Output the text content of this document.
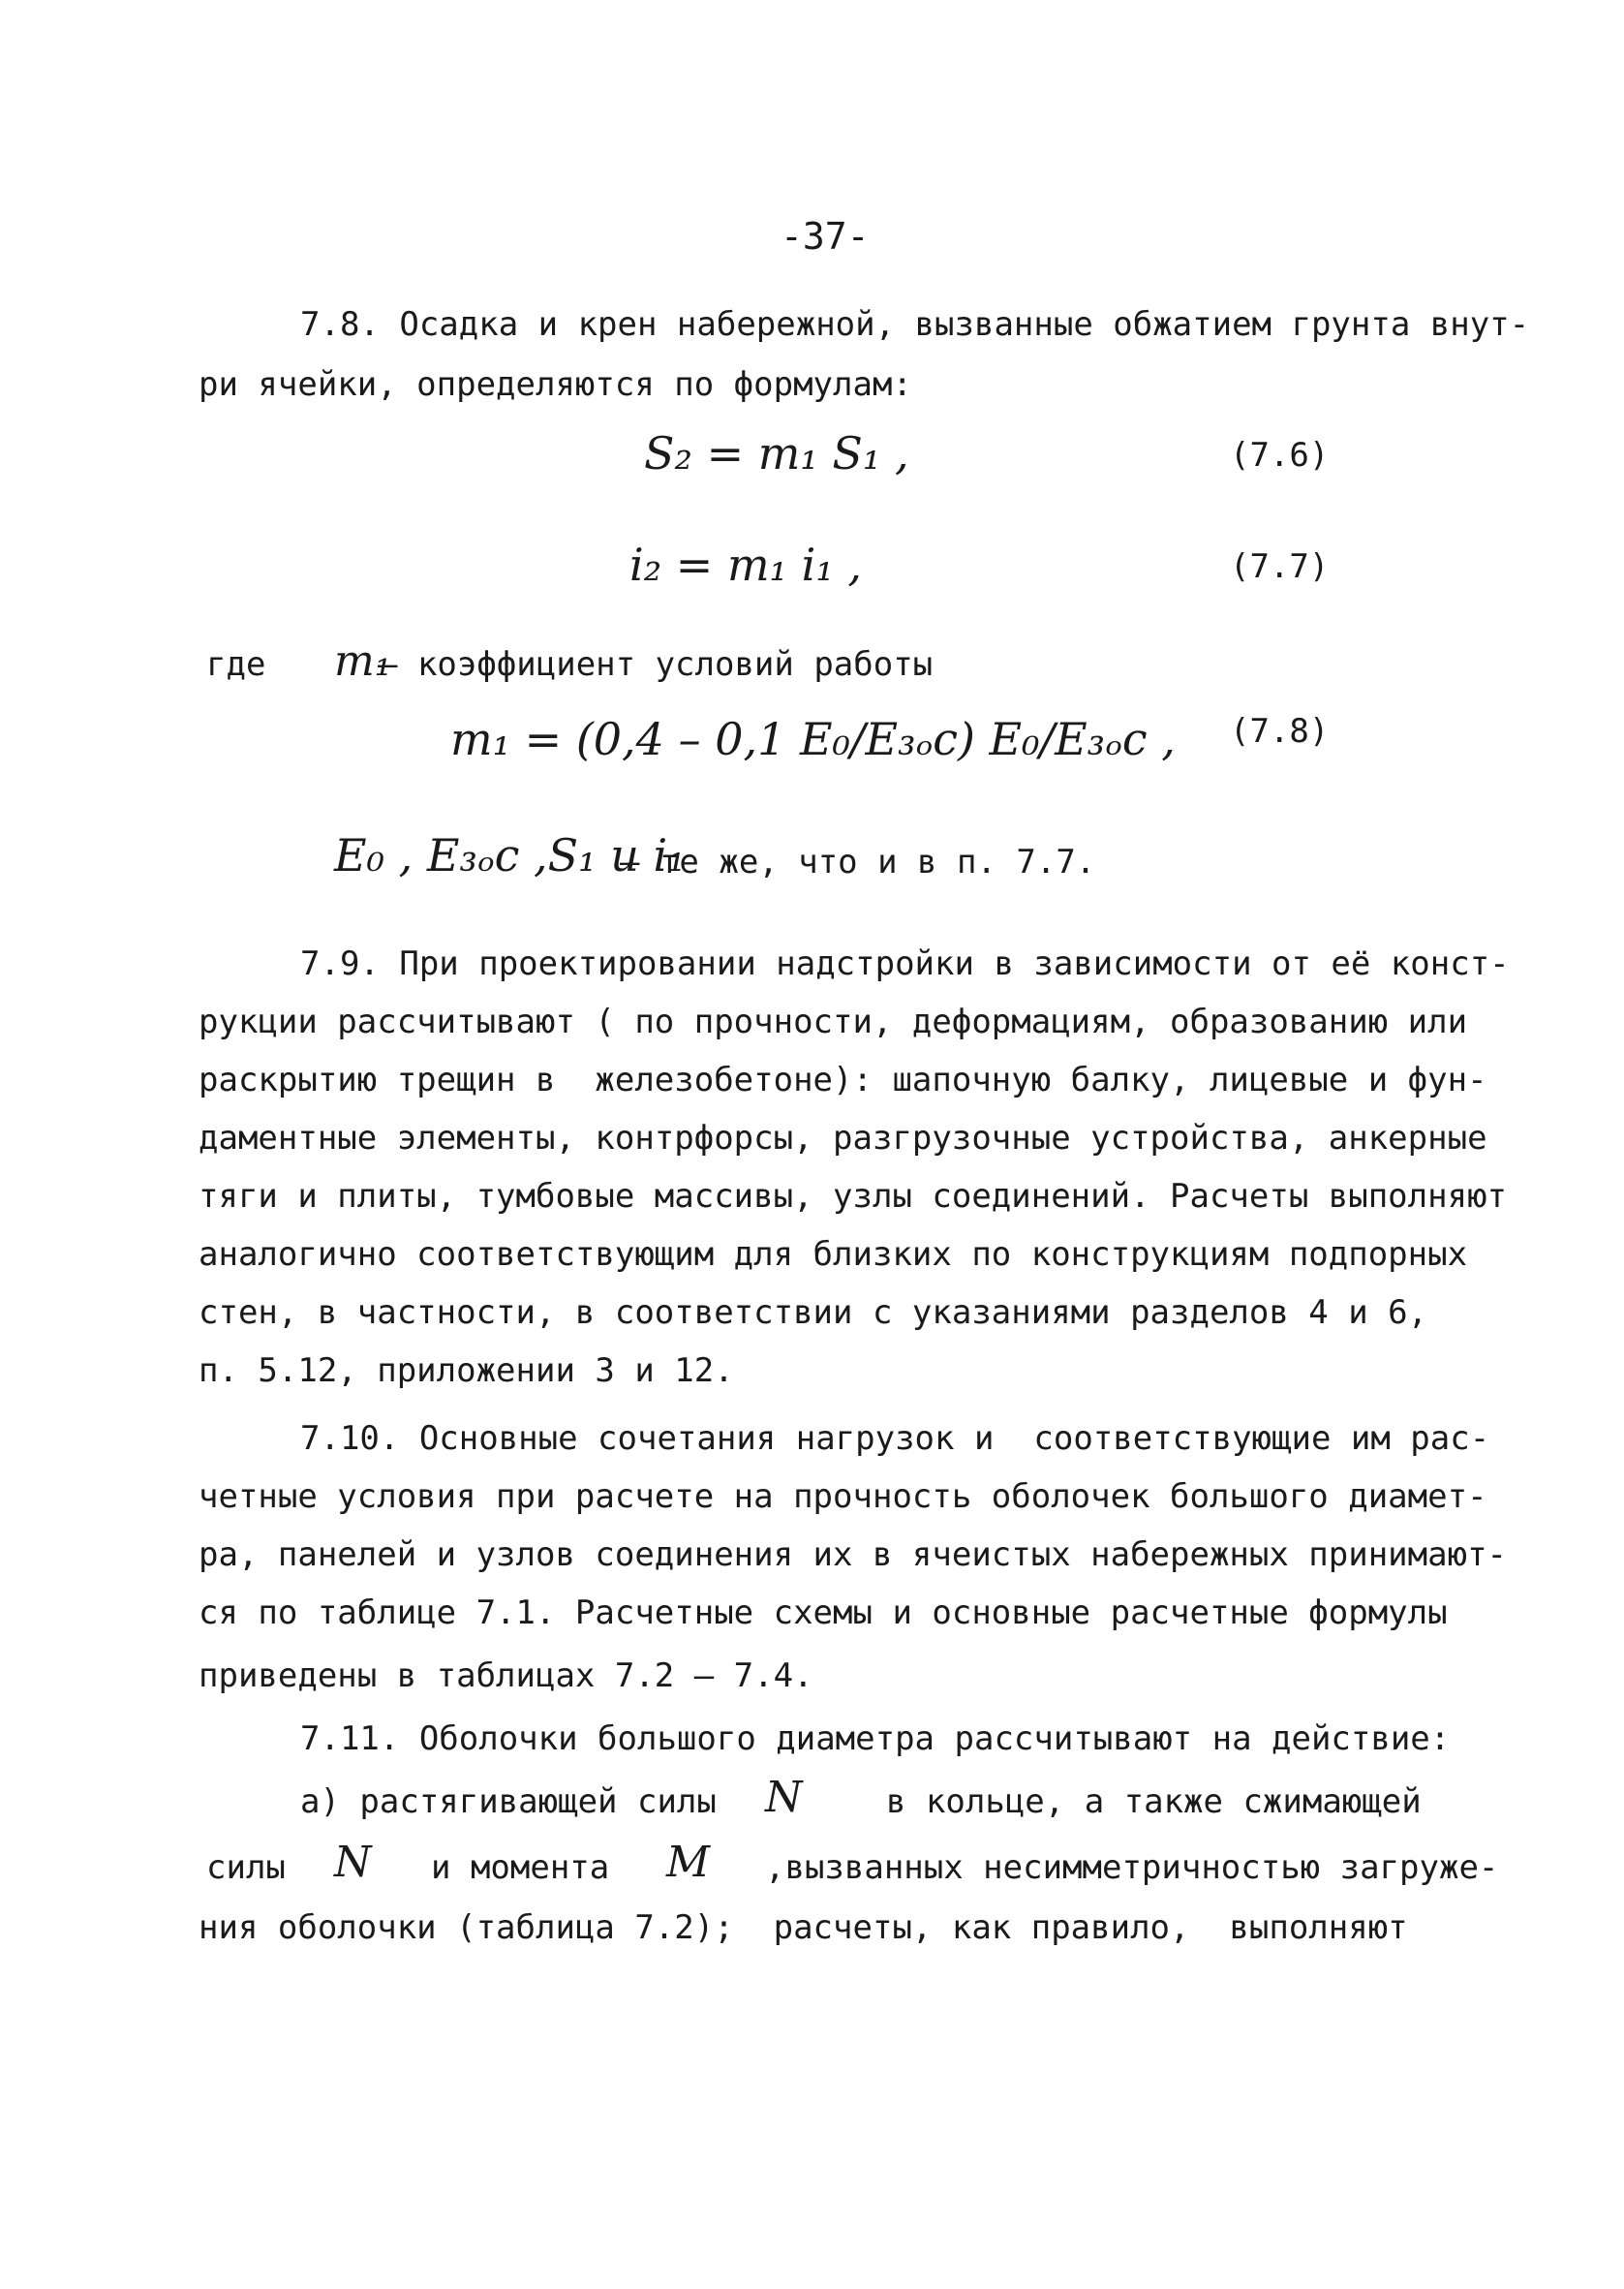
-37-
7.8. Осадка и крен набережной, вызванные обжатием грунта внут-
ри ячейки, определяются по формулам:
S₂ = m₁ S₁ ,	(7.6)
i₂ = m₁ i₁ ,	(7.7)
где m₁
– коэффициент условий работы
m₁ = (0,4 – 0,1 E₀/E₃ₒc) E₀/E₃ₒc , (7.8)
E₀ , E₃ₒc ,S₁ и i₁
– те же, что и в п. 7.7.
7.9. При проектировании надстройки в зависимости от её конст-
рукции рассчитывают ( по прочности, деформациям, образованию или
раскрытию трещин в  железобетоне): шапочную балку, лицевые и фун-
даментные элементы, контрфорсы, разгрузочные устройства, анкерные
тяги и плиты, тумбовые массивы, узлы соединений. Расчеты выполняют
аналогично соответствующим для близких по конструкциям подпорных
стен, в частности, в соответствии с указаниями разделов 4 и 6,
п. 5.12, приложении 3 и 12.
7.10. Основные сочетания нагрузок и  соответствующие им рас-
четные условия при расчете на прочность оболочек большого диамет-
ра, панелей и узлов соединения их в ячеистых набережных принимают-
ся по таблице 7.1. Расчетные схемы и основные расчетные формулы
приведены в таблицах 7.2 – 7.4.
7.11. Оболочки большого диаметра рассчитывают на действие:
а) растягивающей силы N	в кольце, а также сжимающей
силы N и момента M ,вызванных несимметричностью загруже-
ния оболочки (таблица 7.2);  расчеты, как правило,  выполняют
